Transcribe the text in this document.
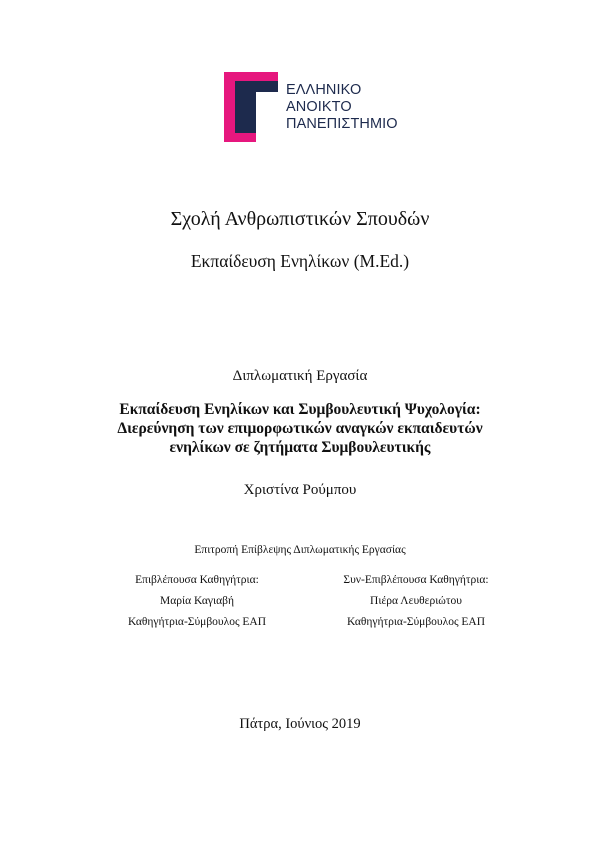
ΕΛΛΗΝΙΚΟ
ΑΝΟΙΚΤΟ
ΠΑΝΕΠΙΣΤΗΜΙΟ
Σχολή Ανθρωπιστικών Σπουδών
Εκπαίδευση Ενηλίκων (M.Ed.)
Διπλωματική Εργασία
Εκπαίδευση Ενηλίκων και Συμβουλευτική Ψυχολογία:
Διερεύνηση των επιμορφωτικών αναγκών εκπαιδευτών
ενηλίκων σε ζητήματα Συμβουλευτικής
Χριστίνα Ρούμπου
Επιτροπή Επίβλεψης Διπλωματικής Εργασίας
Επιβλέπουσα Καθηγήτρια:
Μαρία Καγιαβή
Καθηγήτρια-Σύμβουλος ΕΑΠ
Συν-Επιβλέπουσα Καθηγήτρια:
Πιέρα Λευθεριώτου
Καθηγήτρια-Σύμβουλος ΕΑΠ
Πάτρα, Ιούνιος 2019
